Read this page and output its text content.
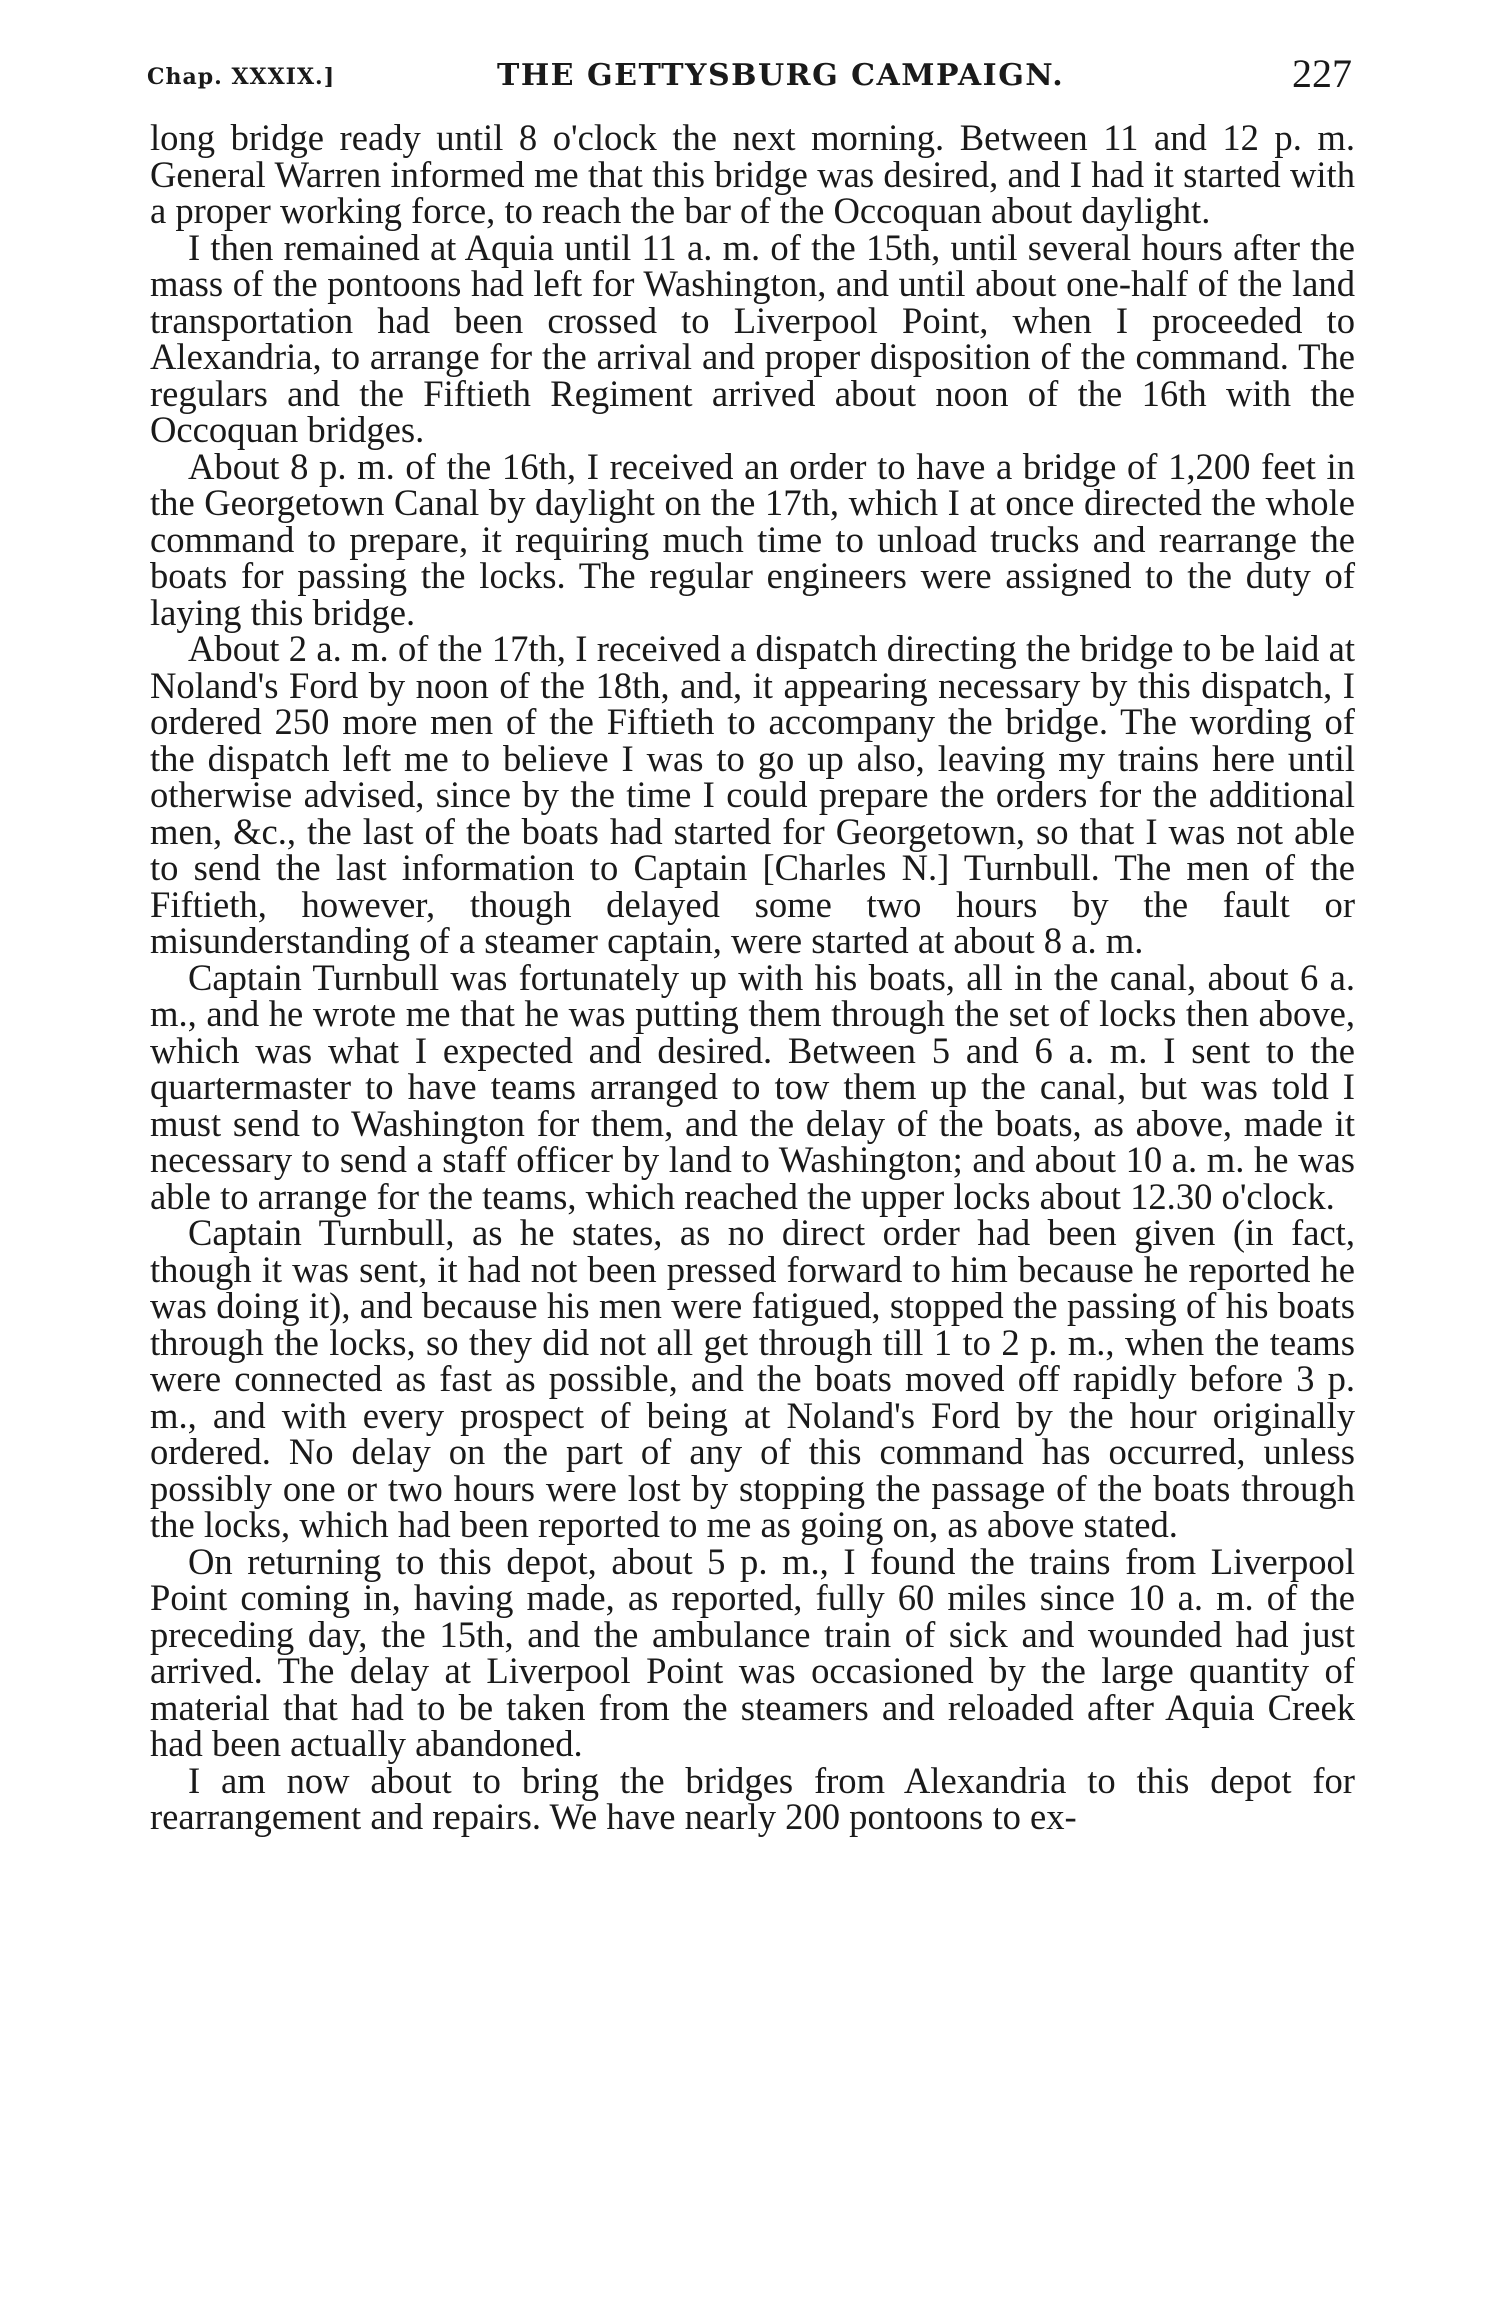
Chap. XXXIX.]	THE GETTYSBURG CAMPAIGN.	227

long bridge ready until 8 o'clock the next morning. Between 11 and 12 p. m. General Warren informed me that this bridge was desired, and I had it started with a proper working force, to reach the bar of the Occoquan about daylight.

I then remained at Aquia until 11 a. m. of the 15th, until several hours after the mass of the pontoons had left for Washington, and until about one-half of the land transportation had been crossed to Liverpool Point, when I proceeded to Alexandria, to arrange for the arrival and proper disposition of the command. The regulars and the Fiftieth Regiment arrived about noon of the 16th with the Occoquan bridges.

About 8 p. m. of the 16th, I received an order to have a bridge of 1,200 feet in the Georgetown Canal by daylight on the 17th, which I at once directed the whole command to prepare, it requiring much time to unload trucks and rearrange the boats for passing the locks. The regular engineers were assigned to the duty of laying this bridge.

About 2 a. m. of the 17th, I received a dispatch directing the bridge to be laid at Noland's Ford by noon of the 18th, and, it appearing necessary by this dispatch, I ordered 250 more men of the Fiftieth to accompany the bridge. The wording of the dispatch left me to believe I was to go up also, leaving my trains here until otherwise advised, since by the time I could prepare the orders for the additional men, &c., the last of the boats had started for Georgetown, so that I was not able to send the last information to Captain [Charles N.] Turnbull. The men of the Fiftieth, however, though delayed some two hours by the fault or misunderstanding of a steamer captain, were started at about 8 a. m.

Captain Turnbull was fortunately up with his boats, all in the canal, about 6 a. m., and he wrote me that he was putting them through the set of locks then above, which was what I expected and desired. Between 5 and 6 a. m. I sent to the quartermaster to have teams arranged to tow them up the canal, but was told I must send to Washington for them, and the delay of the boats, as above, made it necessary to send a staff officer by land to Washington; and about 10 a. m. he was able to arrange for the teams, which reached the upper locks about 12.30 o'clock.

Captain Turnbull, as he states, as no direct order had been given (in fact, though it was sent, it had not been pressed forward to him because he reported he was doing it), and because his men were fatigued, stopped the passing of his boats through the locks, so they did not all get through till 1 to 2 p. m., when the teams were connected as fast as possible, and the boats moved off rapidly before 3 p. m., and with every prospect of being at Noland's Ford by the hour originally ordered. No delay on the part of any of this command has occurred, unless possibly one or two hours were lost by stopping the passage of the boats through the locks, which had been reported to me as going on, as above stated.

On returning to this depot, about 5 p. m., I found the trains from Liverpool Point coming in, having made, as reported, fully 60 miles since 10 a. m. of the preceding day, the 15th, and the ambulance train of sick and wounded had just arrived. The delay at Liverpool Point was occasioned by the large quantity of material that had to be taken from the steamers and reloaded after Aquia Creek had been actually abandoned.

I am now about to bring the bridges from Alexandria to this depot for rearrangement and repairs. We have nearly 200 pontoons to ex-
